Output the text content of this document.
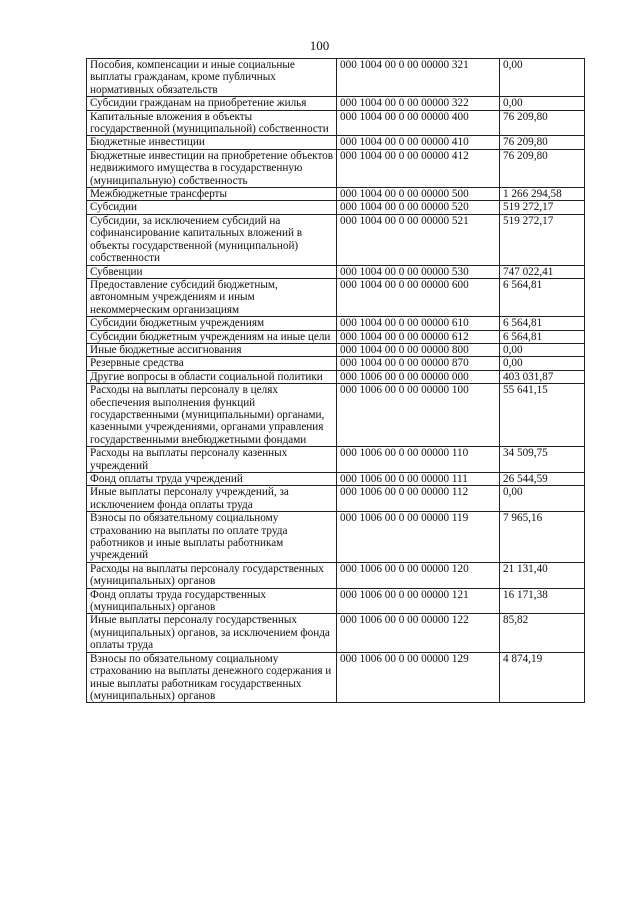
100
Пособия, компенсации и иные социальные выплаты гражданам, кроме публичных нормативных обязательств	000 1004 00 0 00 00000 321	0,00
Субсидии гражданам на приобретение жилья	000 1004 00 0 00 00000 322	0,00
Капитальные вложения в объекты государственной (муниципальной) собственности	000 1004 00 0 00 00000 400	76 209,80
Бюджетные инвестиции	000 1004 00 0 00 00000 410	76 209,80
Бюджетные инвестиции на приобретение объектов недвижимого имущества в государственную (муниципальную) собственность	000 1004 00 0 00 00000 412	76 209,80
Межбюджетные трансферты	000 1004 00 0 00 00000 500	1 266 294,58
Субсидии	000 1004 00 0 00 00000 520	519 272,17
Субсидии, за исключением субсидий на софинансирование капитальных вложений в объекты государственной (муниципальной) собственности	000 1004 00 0 00 00000 521	519 272,17
Субвенции	000 1004 00 0 00 00000 530	747 022,41
Предоставление субсидий бюджетным, автономным учреждениям и иным некоммерческим организациям	000 1004 00 0 00 00000 600	6 564,81
Субсидии бюджетным учреждениям	000 1004 00 0 00 00000 610	6 564,81
Субсидии бюджетным учреждениям на иные цели	000 1004 00 0 00 00000 612	6 564,81
Иные бюджетные ассигнования	000 1004 00 0 00 00000 800	0,00
Резервные средства	000 1004 00 0 00 00000 870	0,00
Другие вопросы в области социальной политики	000 1006 00 0 00 00000 000	403 031,87
Расходы на выплаты персоналу в целях обеспечения выполнения функций государственными (муниципальными) органами, казенными учреждениями, органами управления государственными внебюджетными фондами	000 1006 00 0 00 00000 100	55 641,15
Расходы на выплаты персоналу казенных учреждений	000 1006 00 0 00 00000 110	34 509,75
Фонд оплаты труда учреждений	000 1006 00 0 00 00000 111	26 544,59
Иные выплаты персоналу учреждений, за исключением фонда оплаты труда	000 1006 00 0 00 00000 112	0,00
Взносы по обязательному социальному страхованию на выплаты по оплате труда работников и иные выплаты работникам учреждений	000 1006 00 0 00 00000 119	7 965,16
Расходы на выплаты персоналу государственных (муниципальных) органов	000 1006 00 0 00 00000 120	21 131,40
Фонд оплаты труда государственных (муниципальных) органов	000 1006 00 0 00 00000 121	16 171,38
Иные выплаты персоналу государственных (муниципальных) органов, за исключением фонда оплаты труда	000 1006 00 0 00 00000 122	85,82
Взносы по обязательному социальному страхованию на выплаты денежного содержания и иные выплаты работникам государственных (муниципальных) органов	000 1006 00 0 00 00000 129	4 874,19
